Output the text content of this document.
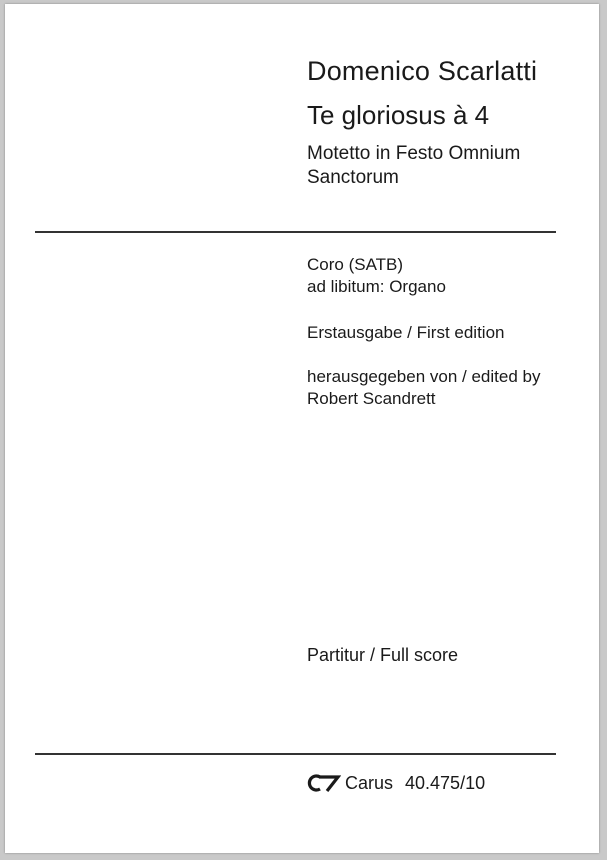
Domenico Scarlatti
Te gloriosus à 4
Motetto in Festo Omnium
Sanctorum
Coro (SATB)
ad libitum: Organo
Erstausgabe / First edition
herausgegeben von / edited by
Robert Scandrett
Partitur / Full score
Carus 40.475/10
